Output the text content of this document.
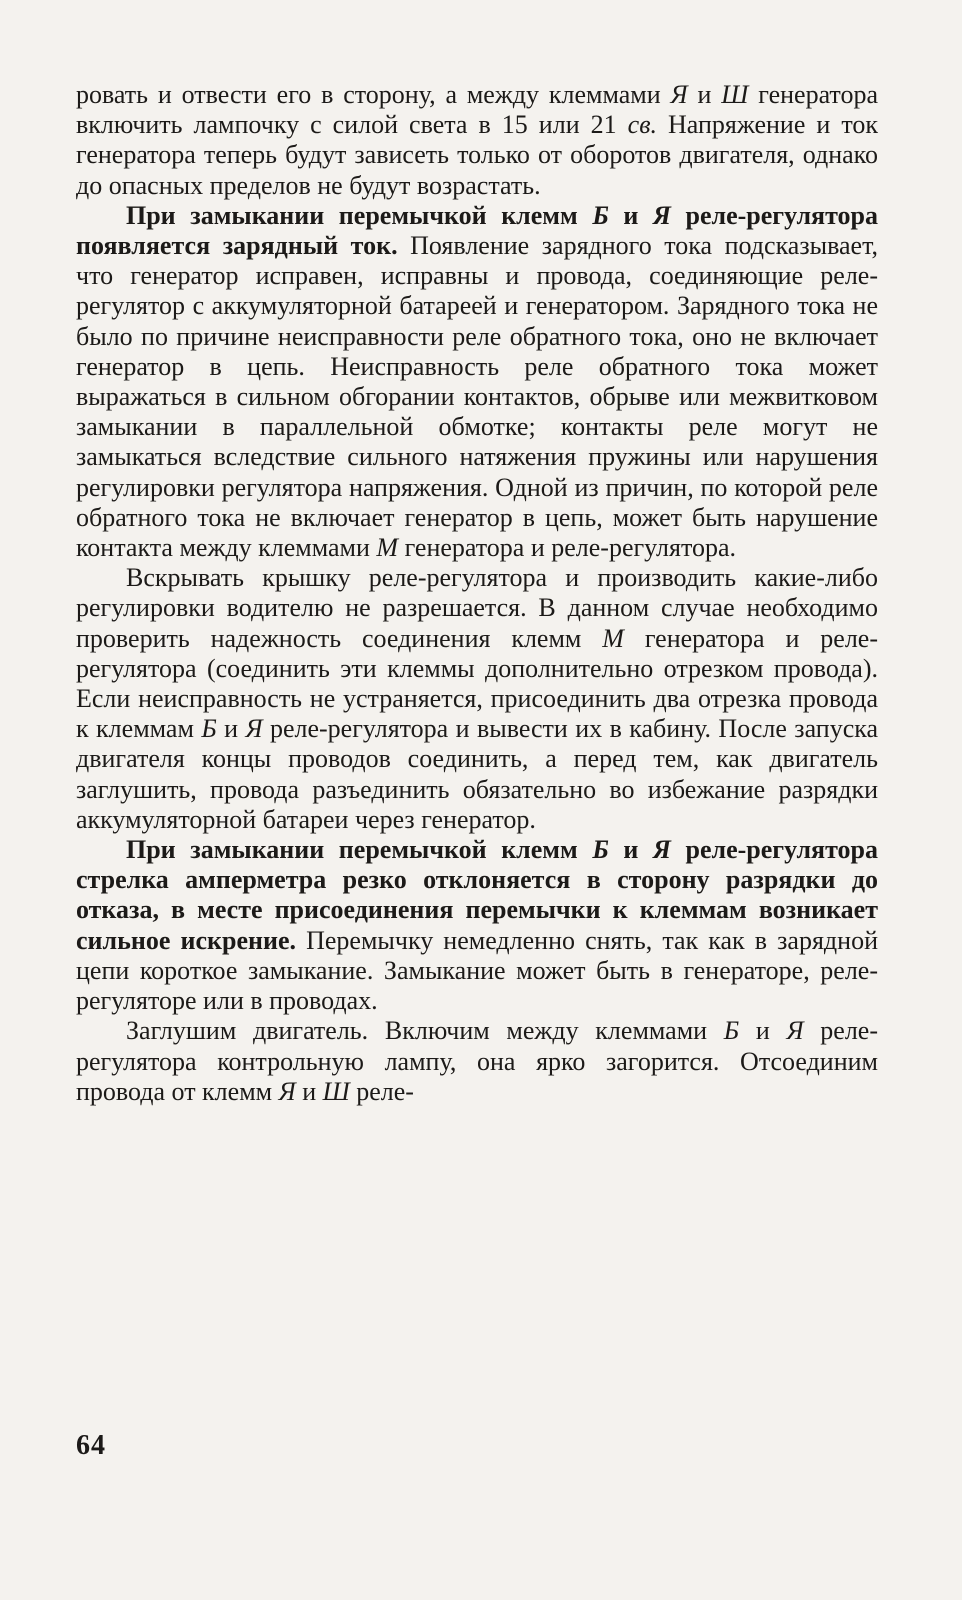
ровать и отвести его в сторону, а между клеммами Я и Ш генератора включить лампочку с силой света в 15 или 21 св. Напряжение и ток генератора теперь будут зависеть только от оборотов двигателя, однако до опасных пределов не будут возрастать.

При замыкании перемычкой клемм Б и Я реле-регулятора появляется зарядный ток. Появление зарядного тока подсказывает, что генератор исправен, исправны и провода, соединяющие реле-регулятор с аккумуляторной батареей и генератором. Зарядного тока не было по причине неисправности реле обратного тока, оно не включает генератор в цепь. Неисправность реле обратного тока может выражаться в сильном обгорании контактов, обрыве или межвитковом замыкании в параллельной обмотке; контакты реле могут не замыкаться вследствие сильного натяжения пружины или нарушения регулировки регулятора напряжения. Одной из причин, по которой реле обратного тока не включает генератор в цепь, может быть нарушение контакта между клеммами М генератора и реле-регулятора.

Вскрывать крышку реле-регулятора и производить какие-либо регулировки водителю не разрешается. В данном случае необходимо проверить надежность соединения клемм М генератора и реле-регулятора (соединить эти клеммы дополнительно отрезком провода). Если неисправность не устраняется, присоединить два отрезка провода к клеммам Б и Я реле-регулятора и вывести их в кабину. После запуска двигателя концы проводов соединить, а перед тем, как двигатель заглушить, провода разъединить обязательно во избежание разрядки аккумуляторной батареи через генератор.

При замыкании перемычкой клемм Б и Я реле-регулятора стрелка амперметра резко отклоняется в сторону разрядки до отказа, в месте присоединения перемычки к клеммам возникает сильное искрение. Перемычку немедленно снять, так как в зарядной цепи короткое замыкание. Замыкание может быть в генераторе, реле-регуляторе или в проводах.

Заглушим двигатель. Включим между клеммами Б и Я реле-регулятора контрольную лампу, она ярко загорится. Отсоединим провода от клемм Я и Ш реле-

64
